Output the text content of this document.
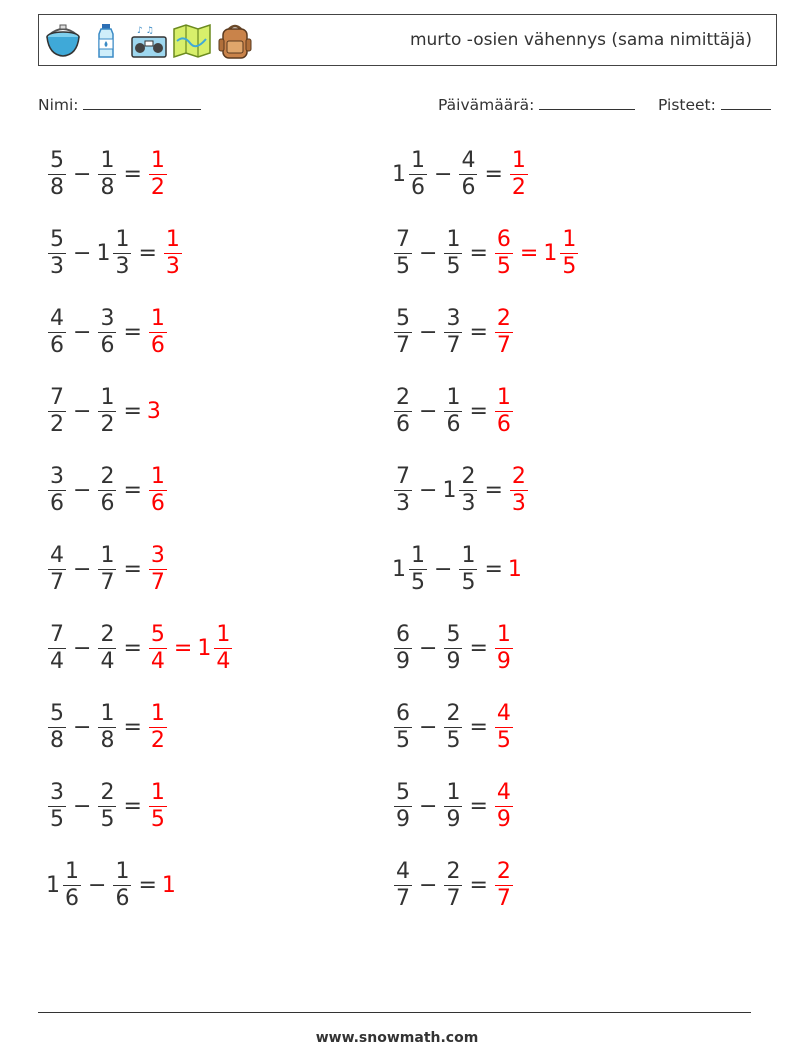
♪ ♫	murto -osien vähennys (sama nimittäjä)
Nimi:	Päivämäärä:	Pisteet:
$\frac{5}{8} - \frac{1}{8} = \frac{1}{2}$	$1 \frac{1}{6} - \frac{4}{6} = \frac{1}{2}$
$\frac{5}{3} - 1 \frac{1}{3} = \frac{1}{3}$	$\frac{7}{5} - \frac{1}{5} = \frac{6}{5} = 1 \frac{1}{5}$
$\frac{4}{6} - \frac{3}{6} = \frac{1}{6}$	$\frac{5}{7} - \frac{3}{7} = \frac{2}{7}$
$\frac{7}{2} - \frac{1}{2} = 3$	$\frac{2}{6} - \frac{1}{6} = \frac{1}{6}$
$\frac{3}{6} - \frac{2}{6} = \frac{1}{6}$	$\frac{7}{3} - 1 \frac{2}{3} = \frac{2}{3}$
$\frac{4}{7} - \frac{1}{7} = \frac{3}{7}$	$1 \frac{1}{5} - \frac{1}{5} = 1$
$\frac{7}{4} - \frac{2}{4} = \frac{5}{4} = 1 \frac{1}{4}$	$\frac{6}{9} - \frac{5}{9} = \frac{1}{9}$
$\frac{5}{8} - \frac{1}{8} = \frac{1}{2}$	$\frac{6}{5} - \frac{2}{5} = \frac{4}{5}$
$\frac{3}{5} - \frac{2}{5} = \frac{1}{5}$	$\frac{5}{9} - \frac{1}{9} = \frac{4}{9}$
$1 \frac{1}{6} - \frac{1}{6} = 1$	$\frac{4}{7} - \frac{2}{7} = \frac{2}{7}$
www.snowmath.com
